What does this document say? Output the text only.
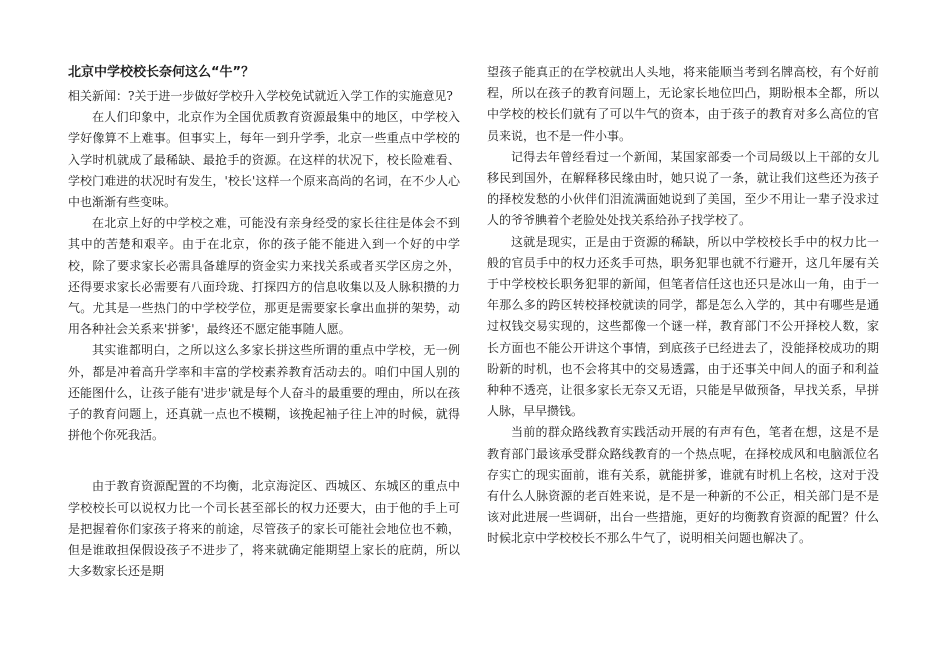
北京中学校校长奈何这么“牛”？

相关新闻：?关于进一步做好学校升入学校免试就近入学工作的实施意见?

在人们印象中，北京作为全国优质教育资源最集中的地区，中学校入学好像算不上难事。但事实上，每年一到升学季，北京一些重点中学校的入学时机就成了最稀缺、最抢手的资源。在这样的状况下，校长险难看、学校门难进的状况时有发生，'校长'这样一个原来高尚的名词，在不少人心中也渐渐有些变味。

在北京上好的中学校之难，可能没有亲身经受的家长往往是体会不到其中的苦楚和艰辛。由于在北京，你的孩子能不能进入到一个好的中学校，除了要求家长必需具备雄厚的资金实力来找关系或者买学区房之外，还得要求家长必需要有八面玲珑、打探四方的信息收集以及人脉积攒的力气。尤其是一些热门的中学校学位，那更是需要家长拿出血拼的架势，动用各种社会关系来'拼爹'，最终还不愿定能事随人愿。

其实谁都明白，之所以这么多家长拼这些所谓的重点中学校，无一例外，都是冲着高升学率和丰富的学校素养教育活动去的。咱们中国人别的还能图什么，让孩子能有'进步'就是每个人奋斗的最重要的理由，所以在孩子的教育问题上，还真就一点也不模糊，该挽起袖子往上冲的时候，就得拼他个你死我活。

由于教育资源配置的不均衡，北京海淀区、西城区、东城区的重点中学校校长可以说权力比一个司长甚至部长的权力还要大，由于他的手上可是把握着你们家孩子将来的前途，尽管孩子的家长可能社会地位也不赖，但是谁敢担保假设孩子不进步了，将来就确定能期望上家长的庇荫，所以大多数家长还是期

望孩子能真正的在学校就出人头地，将来能顺当考到名牌高校，有个好前程，所以在孩子的教育问题上，无论家长地位凹凸，期盼根本全都，所以中学校的校长们就有了可以牛气的资本，由于孩子的教育对多么高位的官员来说，也不是一件小事。

记得去年曾经看过一个新闻，某国家部委一个司局级以上干部的女儿移民到国外，在解释移民缘由时，她只说了一条，就让我们这些还为孩子的择校发愁的小伙伴们泪流满面她说到了美国，至少不用让一辈子没求过人的爷爷腆着个老脸处处找关系给孙子找学校了。

这就是现实，正是由于资源的稀缺，所以中学校校长手中的权力比一般的官员手中的权力还炙手可热，职务犯罪也就不行避开，这几年屡有关于中学校校长职务犯罪的新闻，但笔者信任这也还只是冰山一角，由于一年那么多的跨区转校择校就读的同学，都是怎么入学的，其中有哪些是通过权钱交易实现的，这些都像一个谜一样，教育部门不公开择校人数，家长方面也不能公开讲这个事情，到底孩子已经进去了，没能择校成功的期盼新的时机，也不会将其中的交易透露，由于还事关中间人的面子和利益种种不透亮，让很多家长无奈又无语，只能是早做预备，早找关系，早拼人脉，早早攒钱。

当前的群众路线教育实践活动开展的有声有色，笔者在想，这是不是教育部门最该承受群众路线教育的一个热点呢，在择校成风和电脑派位名存实亡的现实面前，谁有关系，就能拼爹，谁就有时机上名校，这对于没有什么人脉资源的老百姓来说，是不是一种新的不公正，相关部门是不是该对此进展一些调研，出台一些措施，更好的均衡教育资源的配置？什么时候北京中学校校长不那么牛气了，说明相关问题也解决了。
